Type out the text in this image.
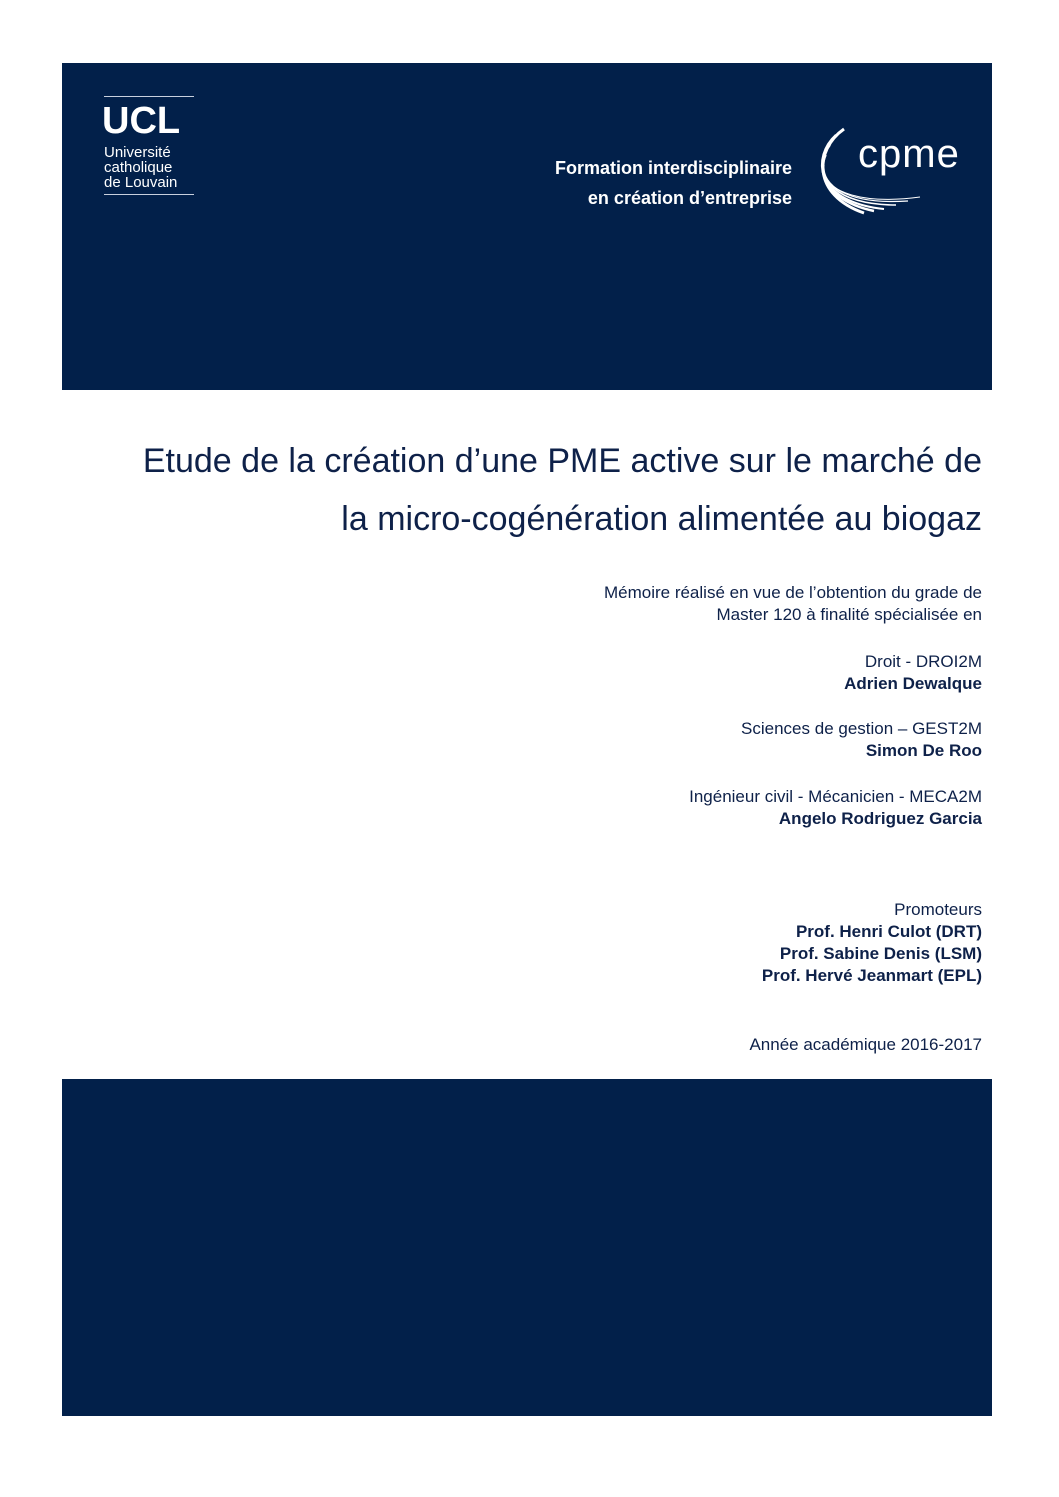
UCL
Université
catholique
de Louvain
Formation interdisciplinaire
en création d’entreprise
cpme
Etude de la création d’une PME active sur le marché de
la micro-cogénération alimentée au biogaz
Mémoire réalisé en vue de l’obtention du grade de
Master 120 à finalité spécialisée en
Droit - DROI2M
Adrien Dewalque
Sciences de gestion – GEST2M
Simon De Roo
Ingénieur civil - Mécanicien - MECA2M
Angelo Rodriguez Garcia
Promoteurs
Prof. Henri Culot (DRT)
Prof. Sabine Denis (LSM)
Prof. Hervé Jeanmart (EPL)
Année académique 2016-2017
